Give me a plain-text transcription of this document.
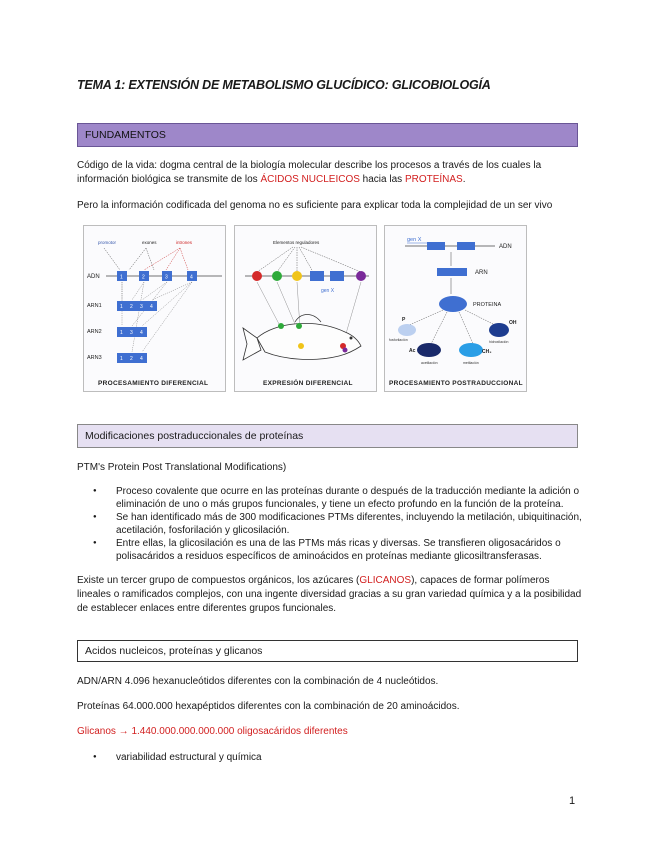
TEMA 1: EXTENSIÓN DE METABOLISMO GLUCÍDICO: GLICOBIOLOGÍA
FUNDAMENTOS
Código de la vida: dogma central de la biología molecular describe los procesos a través de los cuales la información biológica se transmite de los ÁCIDOS NUCLEICOS hacia las PROTEÍNAS.
Pero la información codificada del genoma no es suficiente para explicar toda la complejidad de un ser vivo
promotor	exones	intrones
ADN	1	2	3	4
ARN1	1 2 3 4
ARN2	1 3 4
ARN3	1 2 4
PROCESAMIENTO DIFERENCIAL
Elementos reguladores
gen X
EXPRESIÓN DIFERENCIAL
gen X
ADN
ARN
PROTEINA
P
fosforilación
OH
hidroxilación
Ac
acetilación
CH₃
metilación
PROCESAMIENTO POSTRADUCCIONAL
Modificaciones postraduccionales de proteínas
PTM's Protein Post Translational Modifications)
● Proceso covalente que ocurre en las proteínas durante o después de la traducción mediante la adición o eliminación de uno o más grupos funcionales, y tiene un efecto profundo en la función de la proteína.
● Se han identificado más de 300 modificaciones PTMs diferentes, incluyendo la metilación, ubiquitinación, acetilación, fosforilación y glicosilación.
● Entre ellas, la glicosilación es una de las PTMs más ricas y diversas. Se transfieren oligosacáridos o polisacáridos a residuos específicos de aminoácidos en proteínas mediante glicosiltransferasas.
Existe un tercer grupo de compuestos orgánicos, los azúcares (GLICANOS), capaces de formar polímeros lineales o ramificados complejos, con una ingente diversidad gracias a su gran variedad química y a la posibilidad de establecer enlaces entre diferentes grupos funcionales.
Acidos nucleicos, proteínas y glicanos
ADN/ARN 4.096 hexanucleótidos diferentes con la combinación de 4 nucleótidos.
Proteínas 64.000.000 hexapéptidos diferentes con la combinación de 20 aminoácidos.
Glicanos → 1.440.000.000.000.000 oligosacáridos diferentes
● variabilidad estructural y química
1
